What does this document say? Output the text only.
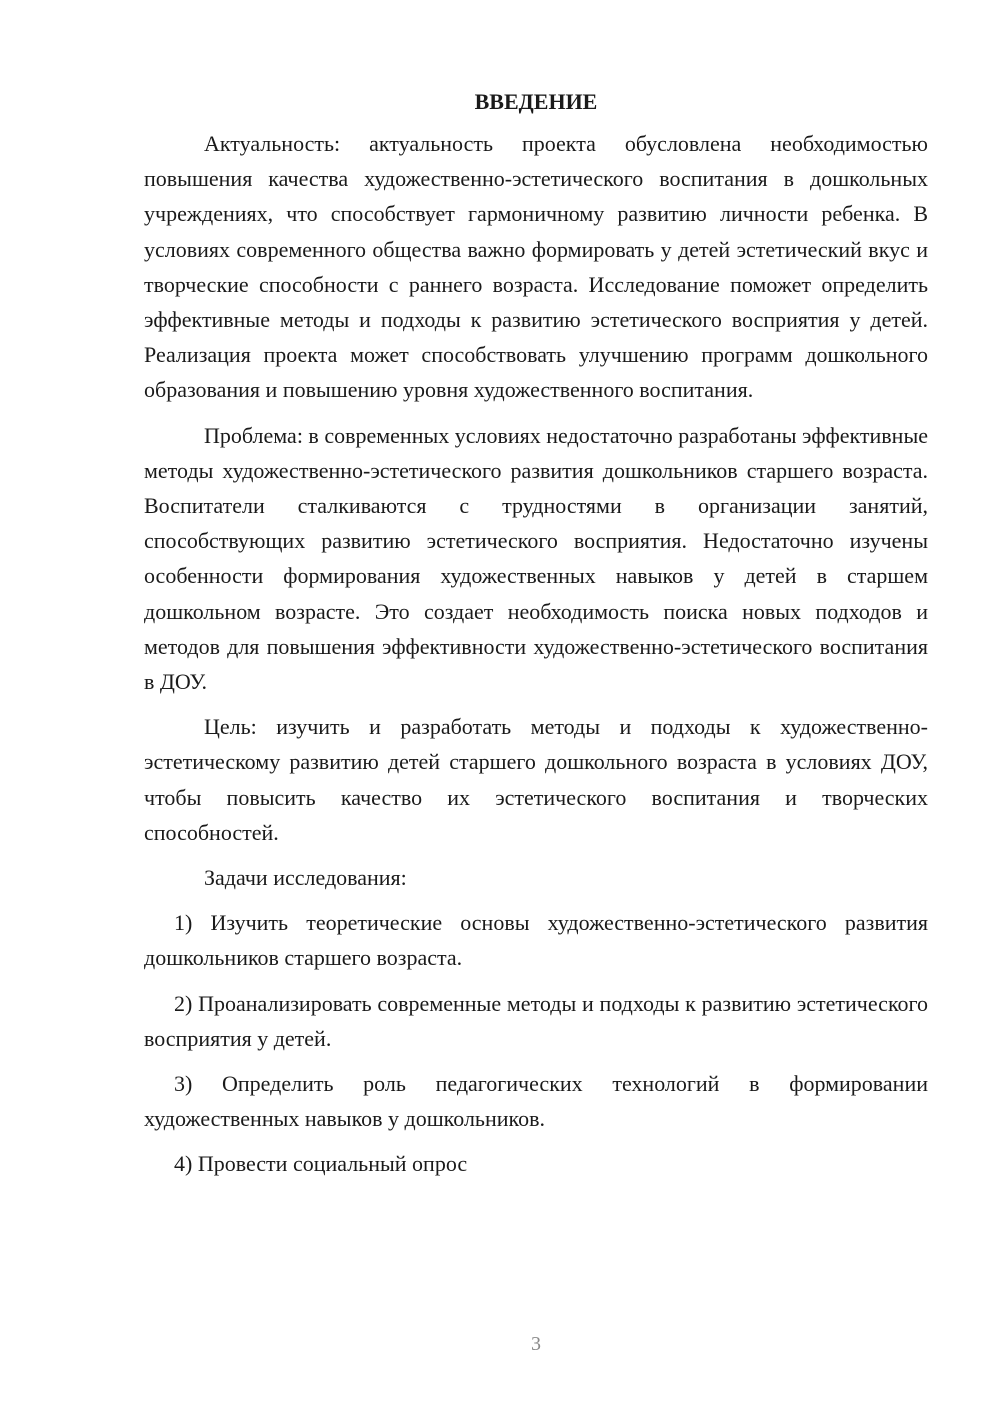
ВВЕДЕНИЕ

Актуальность: актуальность проекта обусловлена необходимостью повышения качества художественно-эстетического воспитания в дошкольных учреждениях, что способствует гармоничному развитию личности ребенка. В условиях современного общества важно формировать у детей эстетический вкус и творческие способности с раннего возраста. Исследование поможет определить эффективные методы и подходы к развитию эстетического восприятия у детей. Реализация проекта может способствовать улучшению программ дошкольного образования и повышению уровня художественного воспитания.

Проблема: в современных условиях недостаточно разработаны эффективные методы художественно-эстетического развития дошкольников старшего возраста. Воспитатели сталкиваются с трудностями в организации занятий, способствующих развитию эстетического восприятия. Недостаточно изучены особенности формирования художественных навыков у детей в старшем дошкольном возрасте. Это создает необходимость поиска новых подходов и методов для повышения эффективности художественно-эстетического воспитания в ДОУ.

Цель: изучить и разработать методы и подходы к художественно-эстетическому развитию детей старшего дошкольного возраста в условиях ДОУ, чтобы повысить качество их эстетического воспитания и творческих способностей.

Задачи исследования:

1) Изучить теоретические основы художественно-эстетического развития дошкольников старшего возраста.

2) Проанализировать современные методы и подходы к развитию эстетического восприятия у детей.

3) Определить роль педагогических технологий в формировании художественных навыков у дошкольников.

4) Провести социальный опрос

3
